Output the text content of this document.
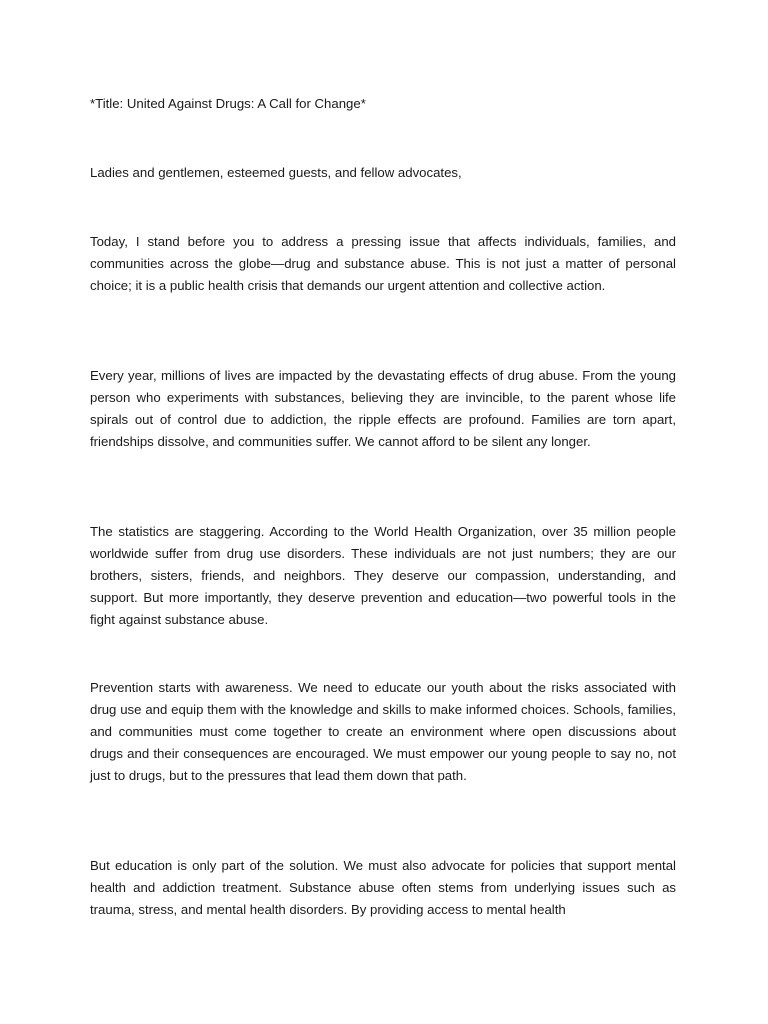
*Title: United Against Drugs: A Call for Change*

Ladies and gentlemen, esteemed guests, and fellow advocates,

Today, I stand before you to address a pressing issue that affects individuals, families, and communities across the globe—drug and substance abuse. This is not just a matter of personal choice; it is a public health crisis that demands our urgent attention and collective action.

Every year, millions of lives are impacted by the devastating effects of drug abuse. From the young person who experiments with substances, believing they are invincible, to the parent whose life spirals out of control due to addiction, the ripple effects are profound. Families are torn apart, friendships dissolve, and communities suffer. We cannot afford to be silent any longer.

The statistics are staggering. According to the World Health Organization, over 35 million people worldwide suffer from drug use disorders. These individuals are not just numbers; they are our brothers, sisters, friends, and neighbors. They deserve our compassion, understanding, and support. But more importantly, they deserve prevention and education—two powerful tools in the fight against substance abuse.

Prevention starts with awareness. We need to educate our youth about the risks associated with drug use and equip them with the knowledge and skills to make informed choices. Schools, families, and communities must come together to create an environment where open discussions about drugs and their consequences are encouraged. We must empower our young people to say no, not just to drugs, but to the pressures that lead them down that path.

But education is only part of the solution. We must also advocate for policies that support mental health and addiction treatment. Substance abuse often stems from underlying issues such as trauma, stress, and mental health disorders. By providing access to mental health
